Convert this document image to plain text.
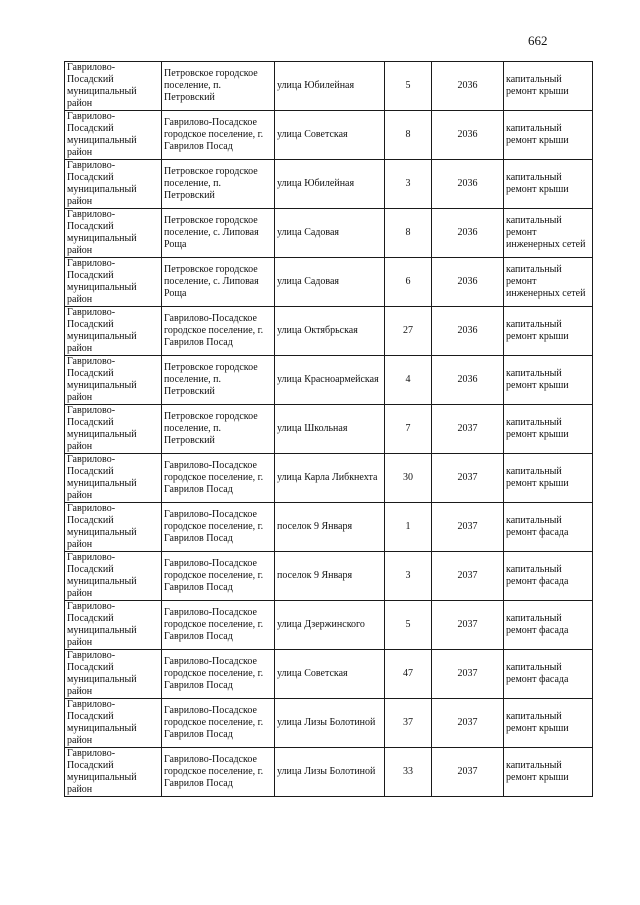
662
Гаврилово-Посадский муниципальный район	Петровское городское поселение, п. Петровский	улица Юбилейная	5	2036	капитальный ремонт крыши
Гаврилово-Посадский муниципальный район	Гаврилово-Посадское городское поселение, г. Гаврилов Посад	улица Советская	8	2036	капитальный ремонт крыши
Гаврилово-Посадский муниципальный район	Петровское городское поселение, п. Петровский	улица Юбилейная	3	2036	капитальный ремонт крыши
Гаврилово-Посадский муниципальный район	Петровское городское поселение, с. Липовая Роща	улица Садовая	8	2036	капитальный ремонт инженерных сетей
Гаврилово-Посадский муниципальный район	Петровское городское поселение, с. Липовая Роща	улица Садовая	6	2036	капитальный ремонт инженерных сетей
Гаврилово-Посадский муниципальный район	Гаврилово-Посадское городское поселение, г. Гаврилов Посад	улица Октябрьская	27	2036	капитальный ремонт крыши
Гаврилово-Посадский муниципальный район	Петровское городское поселение, п. Петровский	улица Красноармейская	4	2036	капитальный ремонт крыши
Гаврилово-Посадский муниципальный район	Петровское городское поселение, п. Петровский	улица Школьная	7	2037	капитальный ремонт крыши
Гаврилово-Посадский муниципальный район	Гаврилово-Посадское городское поселение, г. Гаврилов Посад	улица Карла Либкнехта	30	2037	капитальный ремонт крыши
Гаврилово-Посадский муниципальный район	Гаврилово-Посадское городское поселение, г. Гаврилов Посад	поселок 9 Января	1	2037	капитальный ремонт фасада
Гаврилово-Посадский муниципальный район	Гаврилово-Посадское городское поселение, г. Гаврилов Посад	поселок 9 Января	3	2037	капитальный ремонт фасада
Гаврилово-Посадский муниципальный район	Гаврилово-Посадское городское поселение, г. Гаврилов Посад	улица Дзержинского	5	2037	капитальный ремонт фасада
Гаврилово-Посадский муниципальный район	Гаврилово-Посадское городское поселение, г. Гаврилов Посад	улица Советская	47	2037	капитальный ремонт фасада
Гаврилово-Посадский муниципальный район	Гаврилово-Посадское городское поселение, г. Гаврилов Посад	улица Лизы Болотиной	37	2037	капитальный ремонт крыши
Гаврилово-Посадский муниципальный район	Гаврилово-Посадское городское поселение, г. Гаврилов Посад	улица Лизы Болотиной	33	2037	капитальный ремонт крыши
